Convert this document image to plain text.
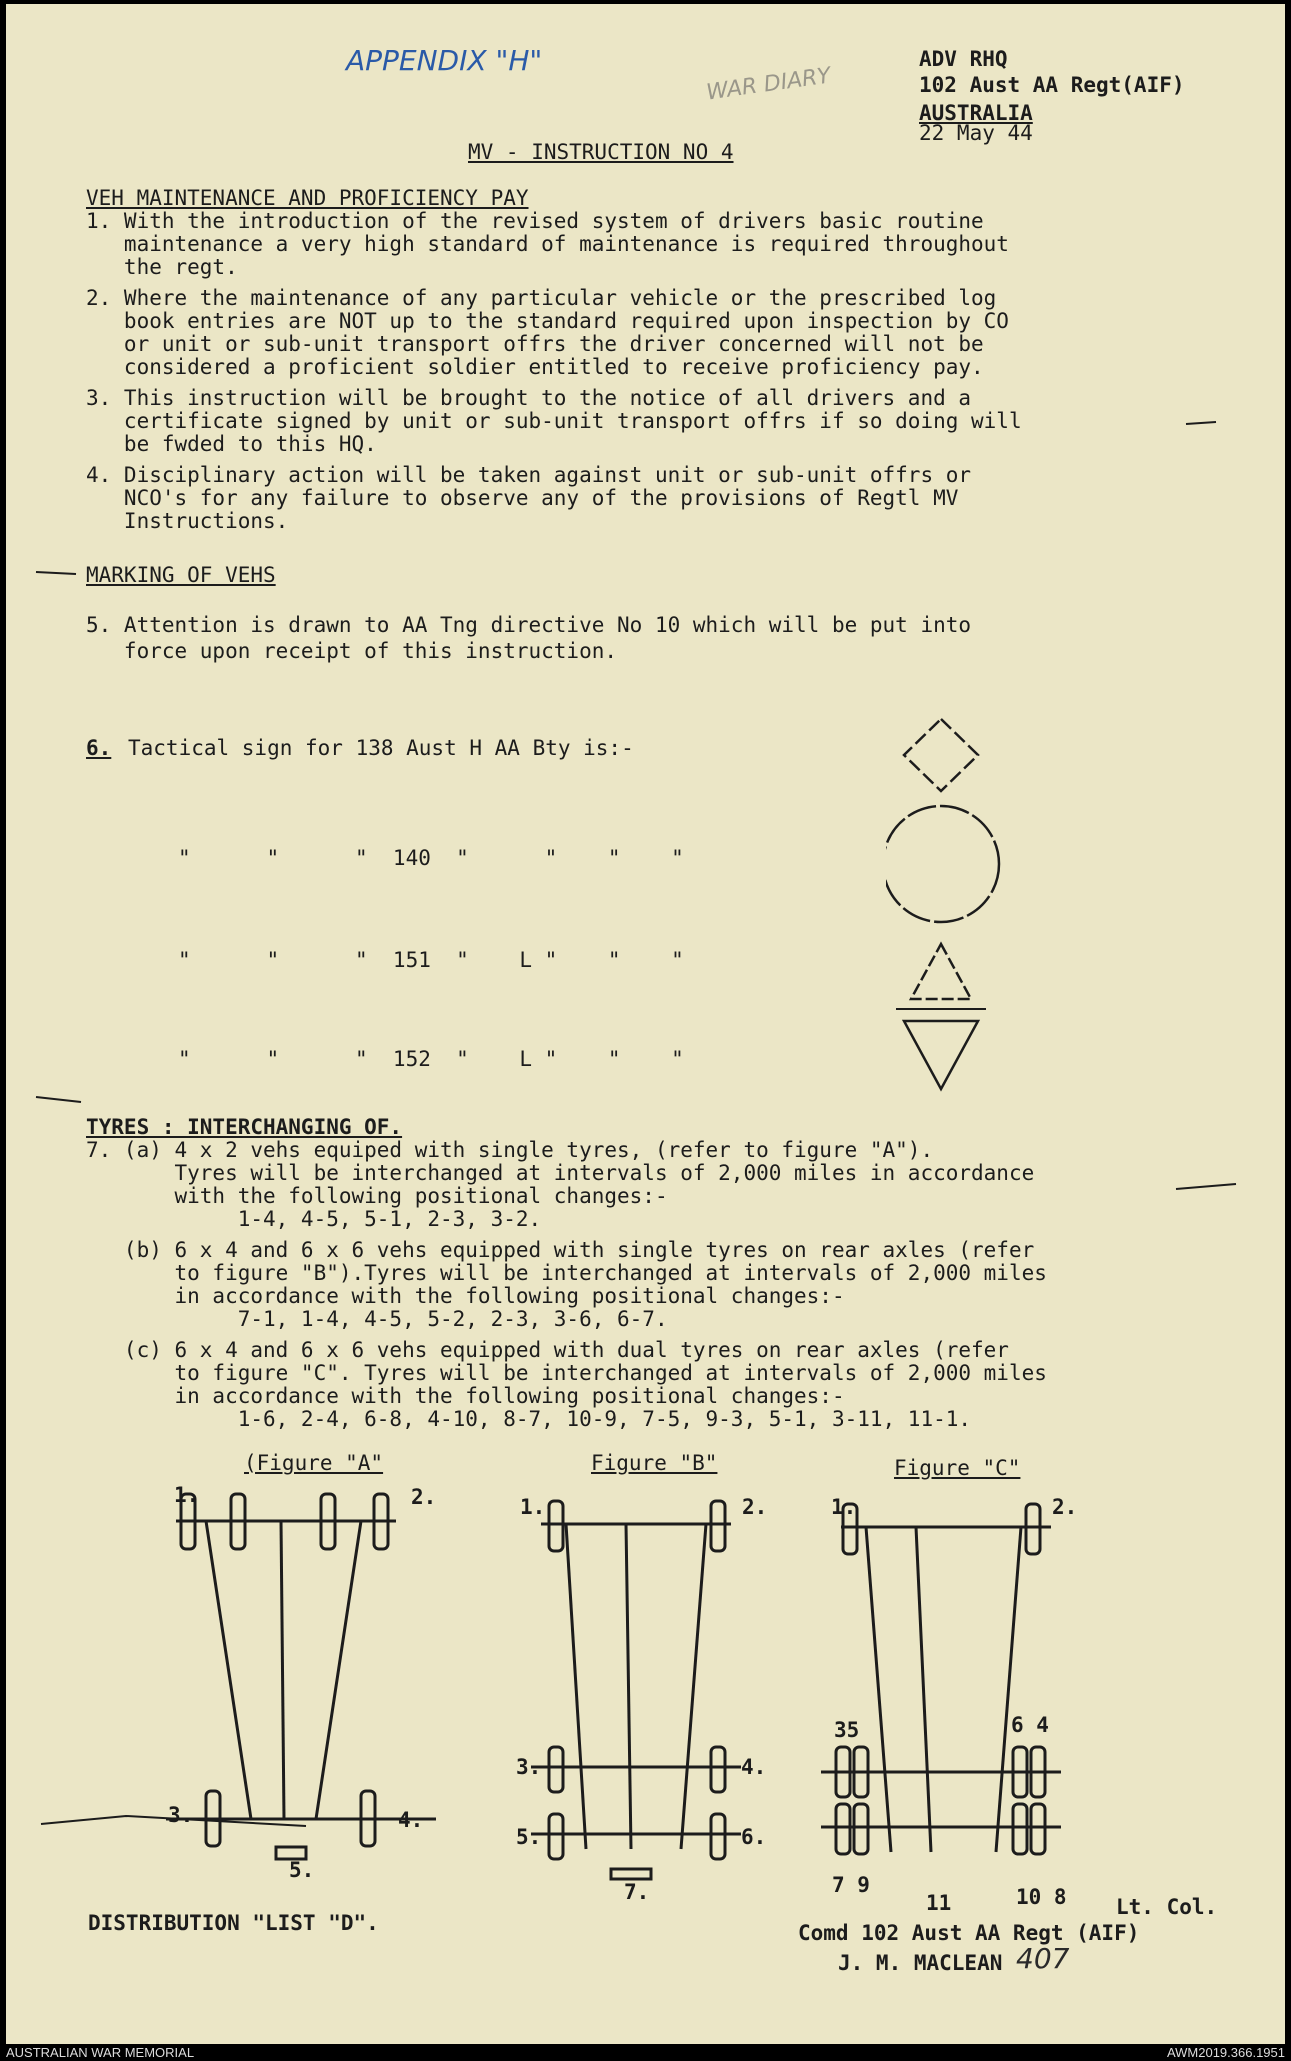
APPENDIX "H"
WAR DIARY
ADV RHQ
102 Aust AA Regt(AIF)
AUSTRALIA
22 May 44
MV - INSTRUCTION NO 4
VEH MAINTENANCE AND PROFICIENCY PAY
1. With the introduction of the revised system of drivers basic routine
maintenance a very high standard of maintenance is required throughout
the regt.
2. Where the maintenance of any particular vehicle or the prescribed log
book entries are NOT up to the standard required upon inspection by CO
or unit or sub-unit transport offrs the driver concerned will not be
considered a proficient soldier entitled to receive proficiency pay.
3. This instruction will be brought to the notice of all drivers and a
certificate signed by unit or sub-unit transport offrs if so doing will
be fwded to this HQ.
4. Disciplinary action will be taken against unit or sub-unit offrs or
NCO's for any failure to observe any of the provisions of Regtl MV
Instructions.
MARKING OF VEHS
5. Attention is drawn to AA Tng directive No 10 which will be put into
force upon receipt of this instruction.
6. Tactical sign for 138 Aust H AA Bty is:-
"      "      "  140  "      "    "    "
"      "      "  151  "    L "    "    "
"      "      "  152  "    L "    "    "
TYRES : INTERCHANGING OF.
7. (a) 4 x 2 vehs equiped with single tyres, (refer to figure "A").
Tyres will be interchanged at intervals of 2,000 miles in accordance
with the following positional changes:-
1-4, 4-5, 5-1, 2-3, 3-2.
(b) 6 x 4 and 6 x 6 vehs equipped with single tyres on rear axles (refer
to figure "B").Tyres will be interchanged at intervals of 2,000 miles
in accordance with the following positional changes:-
7-1, 1-4, 4-5, 5-2, 2-3, 3-6, 6-7.
(c) 6 x 4 and 6 x 6 vehs equipped with dual tyres on rear axles (refer
to figure "C". Tyres will be interchanged at intervals of 2,000 miles
in accordance with the following positional changes:-
1-6, 2-4, 6-8, 4-10, 8-7, 10-9, 7-5, 9-3, 5-1, 3-11, 11-1.
(Figure "A"	Figure "B"	Figure "C"
1.	2.
3.	4.
5.
1.	2.
3.	4.
5.	6.
7.
1.	2.
35	6 4
7 9
11	10 8
DISTRIBUTION "LIST "D".
Lt. Col.
Comd 102 Aust AA Regt (AIF)
J. M. MACLEAN 407
AUSTRALIAN WAR MEMORIAL	AWM2019.366.1951
